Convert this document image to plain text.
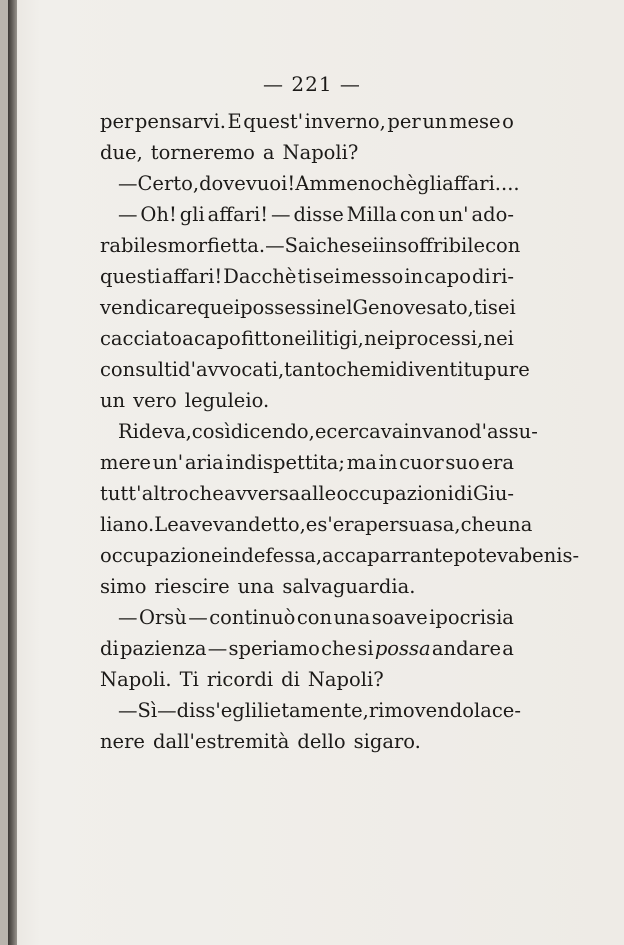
— 221 —
per pensarvi. E quest' inverno, per un mese o
due, torneremo a Napoli?
— Certo, dove vuoi! Ammenochè gli affari....
— Oh! gli affari! — disse Milla con un' ado-
rabile smorfietta. — Sai che sei insoffribile con
questi affari! Dacchè ti sei messo in capo di ri-
vendicare quei possessi nel Genovesato, ti sei
cacciato a capo fitto nei litigi, nei processi, nei
consulti d'avvocati, tanto che mi diventi tu pure
un vero leguleio.
Rideva, così dicendo, e cercava invano d'assu-
mere un' aria indispettita; ma in cuor suo era
tutt' altro che avversa alle occupazioni di Giu-
liano. Le avevan detto, e s'era persuasa, che una
occupazione indefessa, accaparrante poteva benis-
simo riescire una salvaguardia.
— Orsù — continuò con una soave ipocrisia
di pazienza — speriamo che si possa andare a
Napoli. Ti ricordi di Napoli?
— Sì — diss'egli lietamente, rimovendo la ce-
nere dall'estremità dello sigaro.
